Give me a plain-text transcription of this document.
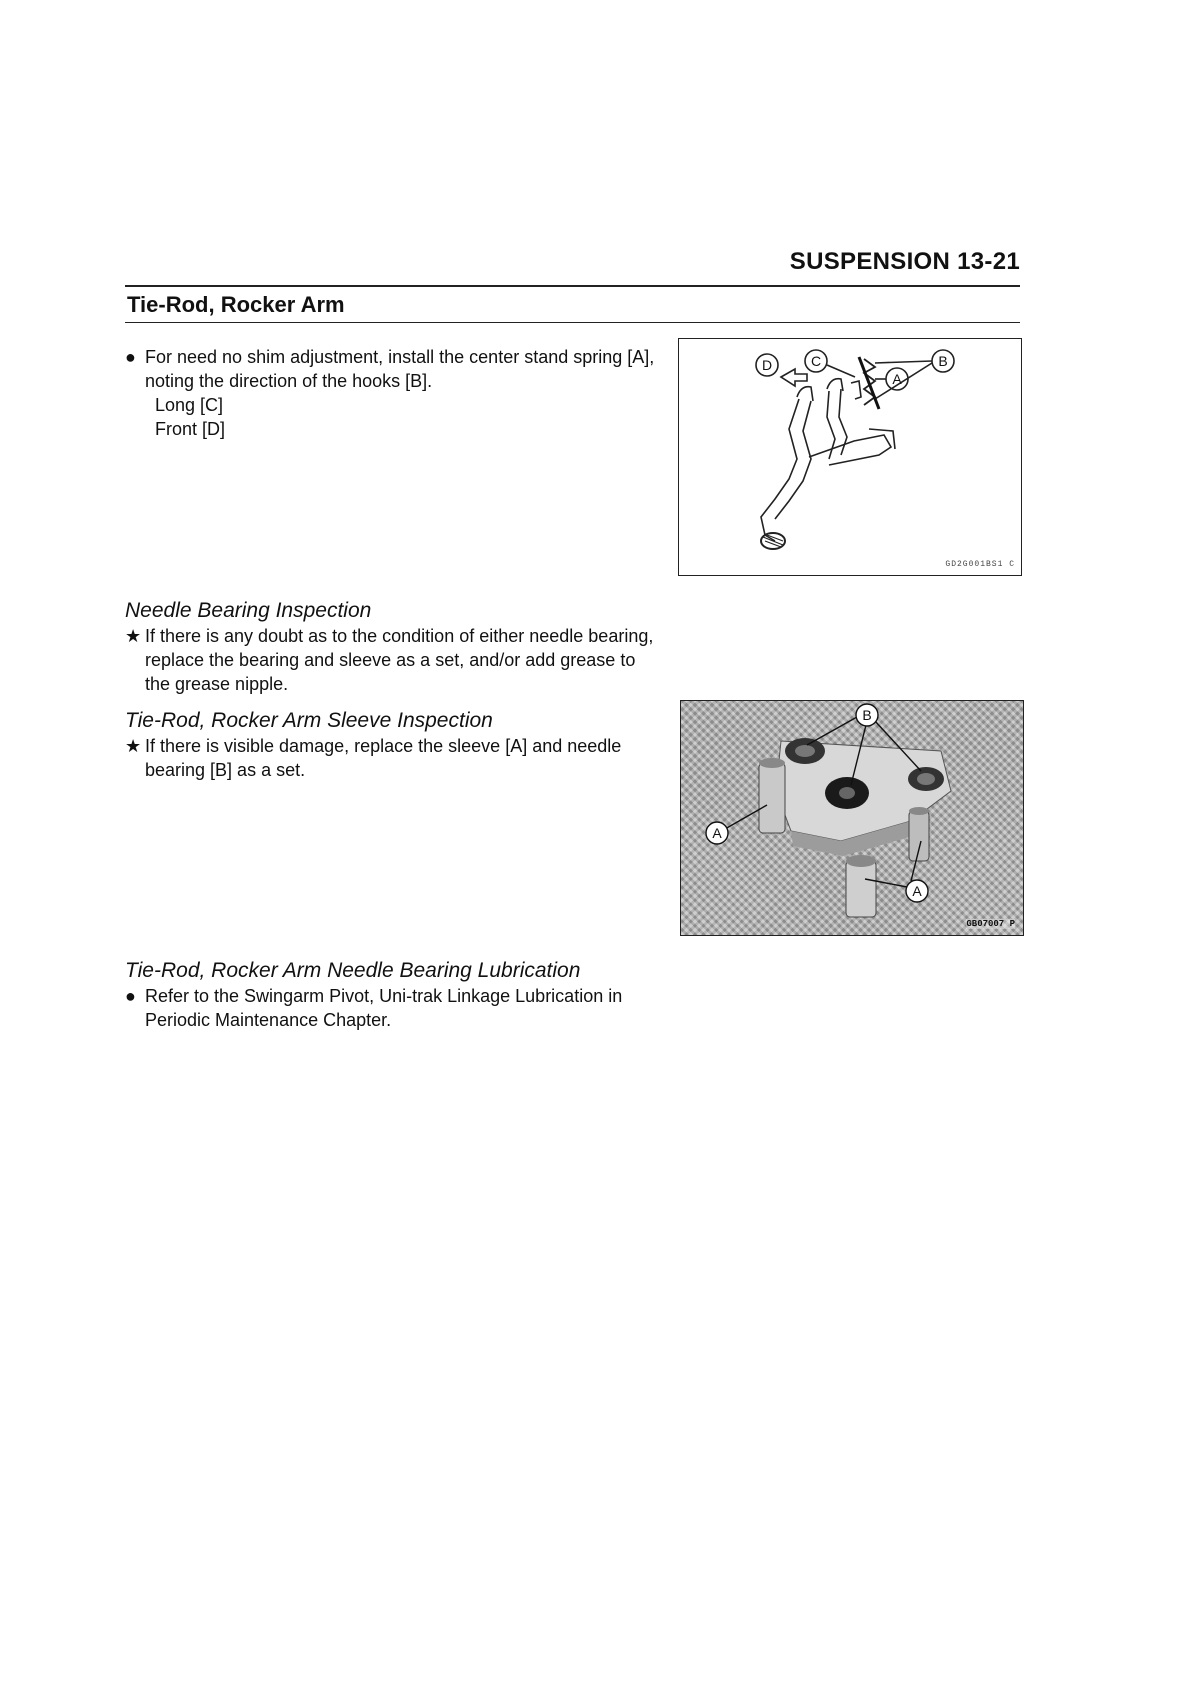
SUSPENSION 13-21
Tie-Rod, Rocker Arm
● For need no shim adjustment, install the center stand spring [A], noting the direction of the hooks [B].

Long [C]

Front [D]

D	C
A
B
GD2G001BS1 C

Needle Bearing Inspection

★ If there is any doubt as to the condition of either needle bearing, replace the bearing and sleeve as a set, and/or add grease to the grease nipple.

Tie-Rod, Rocker Arm Sleeve Inspection

★ If there is visible damage, replace the sleeve [A] and needle bearing [B] as a set.

B
A
A
GB07007 P

Tie-Rod, Rocker Arm Needle Bearing Lubrication

● Refer to the Swingarm Pivot, Uni-trak Linkage Lubrication in Periodic Maintenance Chapter.
